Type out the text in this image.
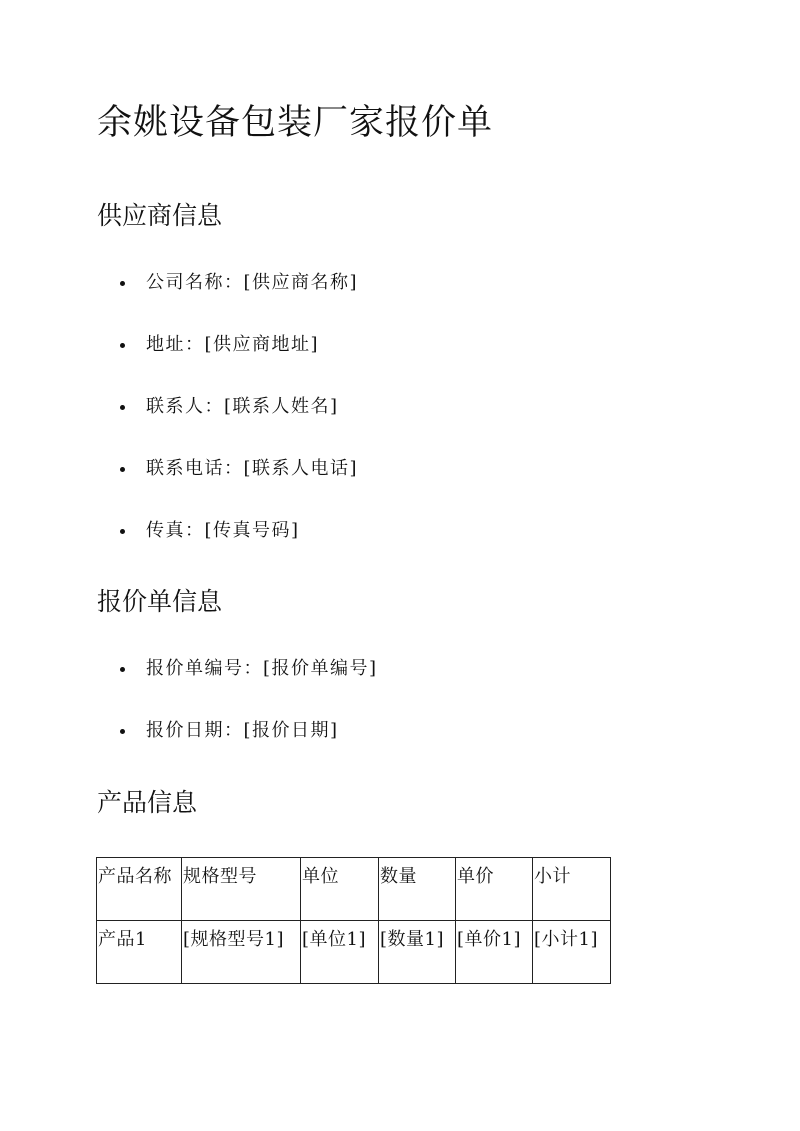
余姚设备包装厂家报价单
供应商信息
公司名称：[供应商名称]
地址：[供应商地址]
联系人：[联系人姓名]
联系电话：[联系人电话]
传真：[传真号码]
报价单信息
报价单编号：[报价单编号]
报价日期：[报价日期]
产品信息
产品名称	规格型号	单位	数量	单价	小计
产品1	[规格型号1]	[单位1]	[数量1]	[单价1]	[小计1]
